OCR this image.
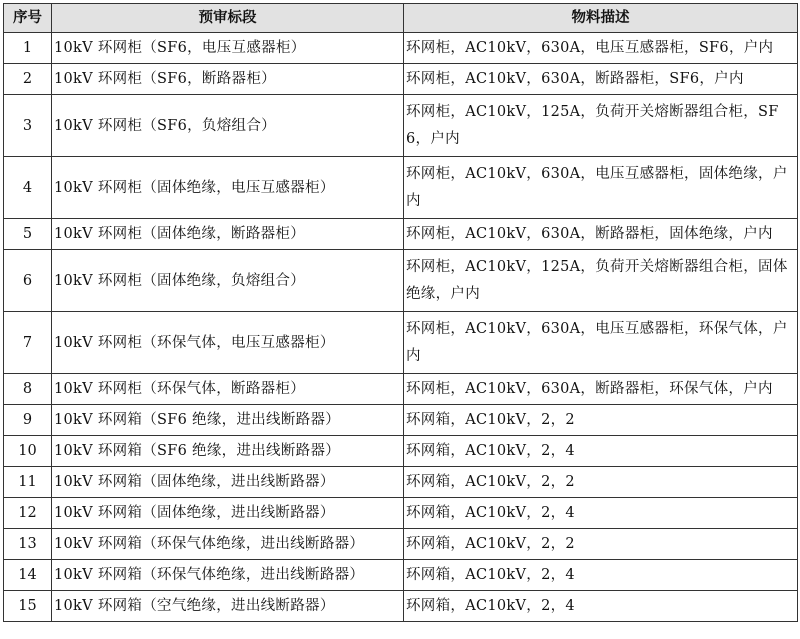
序号	预审标段	物料描述
1	10kV 环网柜（SF6，电压互感器柜）	环网柜，AC10kV，630A，电压互感器柜，SF6，户内
2	10kV 环网柜（SF6，断路器柜）	环网柜，AC10kV，630A，断路器柜，SF6，户内
3	10kV 环网柜（SF6，负熔组合）	环网柜，AC10kV，125A，负荷开关熔断器组合柜，SF6，户内
4	10kV 环网柜（固体绝缘，电压互感器柜）	环网柜，AC10kV，630A，电压互感器柜，固体绝缘，户内
5	10kV 环网柜（固体绝缘，断路器柜）	环网柜，AC10kV，630A，断路器柜，固体绝缘，户内
6	10kV 环网柜（固体绝缘，负熔组合）	环网柜，AC10kV，125A，负荷开关熔断器组合柜，固体绝缘，户内
7	10kV 环网柜（环保气体，电压互感器柜）	环网柜，AC10kV，630A，电压互感器柜，环保气体，户内
8	10kV 环网柜（环保气体，断路器柜）	环网柜，AC10kV，630A，断路器柜，环保气体，户内
9	10kV 环网箱（SF6 绝缘，进出线断路器）	环网箱，AC10kV，2，2
10	10kV 环网箱（SF6 绝缘，进出线断路器）	环网箱，AC10kV，2，4
11	10kV 环网箱（固体绝缘，进出线断路器）	环网箱，AC10kV，2，2
12	10kV 环网箱（固体绝缘，进出线断路器）	环网箱，AC10kV，2，4
13	10kV 环网箱（环保气体绝缘，进出线断路器）	环网箱，AC10kV，2，2
14	10kV 环网箱（环保气体绝缘，进出线断路器）	环网箱，AC10kV，2，4
15	10kV 环网箱（空气绝缘，进出线断路器）	环网箱，AC10kV，2，4
